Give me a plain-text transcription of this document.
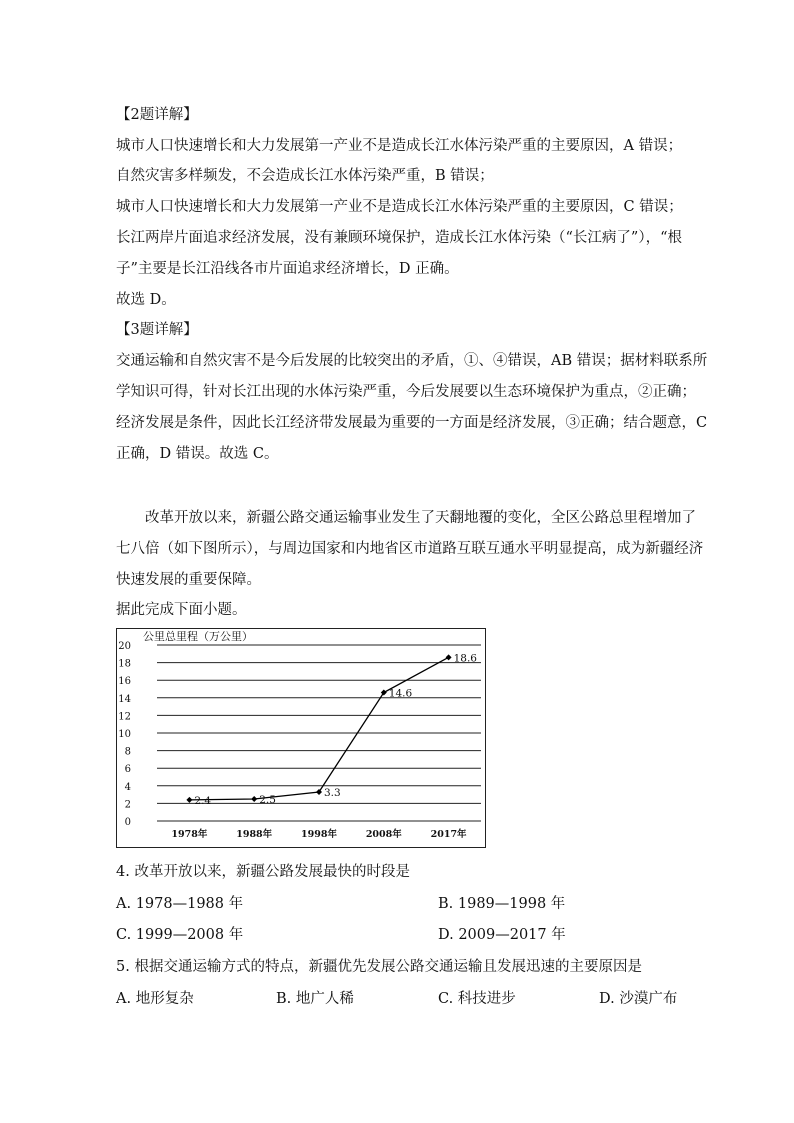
【2题详解】
城市人口快速增长和大力发展第一产业不是造成长江水体污染严重的主要原因，A 错误；
自然灾害多样频发，不会造成长江水体污染严重，B 错误；
城市人口快速增长和大力发展第一产业不是造成长江水体污染严重的主要原因，C 错误；
长江两岸片面追求经济发展，没有兼顾环境保护，造成长江水体污染（“长江病了”），“根
子”主要是长江沿线各市片面追求经济增长，D 正确。
故选 D。
【3题详解】
交通运输和自然灾害不是今后发展的比较突出的矛盾，①、④错误，AB 错误；据材料联系所
学知识可得，针对长江出现的水体污染严重，今后发展要以生态环境保护为重点，②正确；
经济发展是条件，因此长江经济带发展最为重要的一方面是经济发展，③正确；结合题意，C
正确，D 错误。故选 C。
改革开放以来，新疆公路交通运输事业发生了天翻地覆的变化，全区公路总里程增加了
七八倍（如下图所示），与周边国家和内地省区市道路互联互通水平明显提高，成为新疆经济
快速发展的重要保障。
据此完成下面小题。
公里总里程（万公里）
0
2
4
6
8
10
12
14
16
18
20
1978年	1988年	1998年	2008年	2017年
2.4	2.5
3.3
14.6
18.6
4. 改革开放以来，新疆公路发展最快的时段是
A. 1978—1988 年	B. 1989—1998 年
C. 1999—2008 年	D. 2009—2017 年
5. 根据交通运输方式的特点，新疆优先发展公路交通运输且发展迅速的主要原因是
A. 地形复杂	B. 地广人稀	C. 科技进步	D. 沙漠广布
